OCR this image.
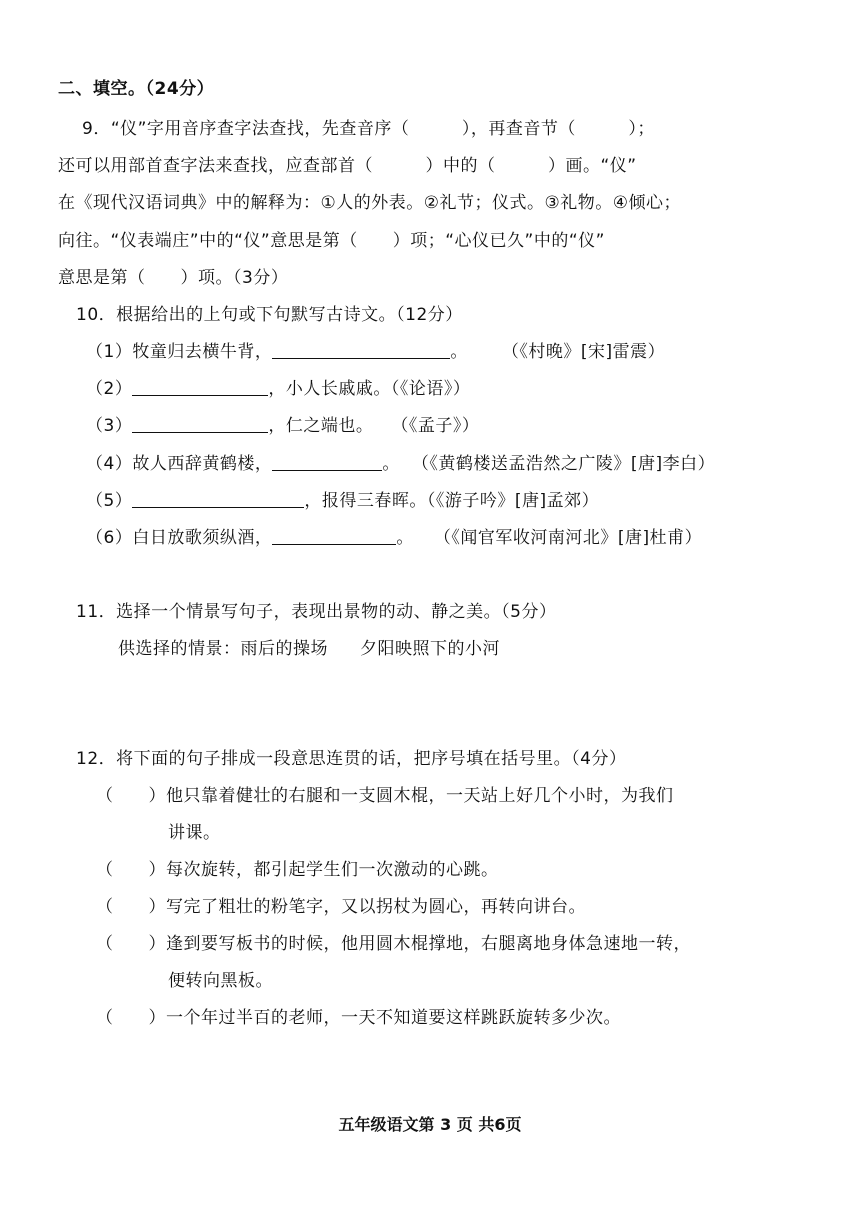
二、填空。（24分）
9．“仪”字用音序查字法查找，先查音序（　　　），再查音节（　　　）；
还可以用部首查字法来查找，应查部首（　　　）中的（　　　）画。“仪”
在《现代汉语词典》中的解释为：①人的外表。②礼节；仪式。③礼物。④倾心；
向往。“仪表端庄”中的“仪”意思是第（　　）项；“心仪已久”中的“仪”
意思是第（　　）项。（3分）
10．根据给出的上句或下句默写古诗文。（12分）
（1）牧童归去横牛背，	。 （《村晚》[宋]雷震）
（2）	，小人长戚戚。（《论语》）
（3）	，仁之端也。 （《孟子》）
（4）故人西辞黄鹤楼，	。 （《黄鹤楼送孟浩然之广陵》[唐]李白）
（5）	，报得三春晖。（《游子吟》[唐]孟郊）
（6）白日放歌须纵酒，	。 （《闻官军收河南河北》[唐]杜甫）
11．选择一个情景写句子，表现出景物的动、静之美。（5分）
供选择的情景：雨后的操场 夕阳映照下的小河
12．将下面的句子排成一段意思连贯的话，把序号填在括号里。（4分）
（　　）他只靠着健壮的右腿和一支圆木棍，一天站上好几个小时，为我们
讲课。
（　　）每次旋转，都引起学生们一次激动的心跳。
（　　）写完了粗壮的粉笔字，又以拐杖为圆心，再转向讲台。
（　　）逢到要写板书的时候，他用圆木棍撑地，右腿离地身体急速地一转，
便转向黑板。
（　　）一个年过半百的老师，一天不知道要这样跳跃旋转多少次。
五年级语文第 3 页 共6页
